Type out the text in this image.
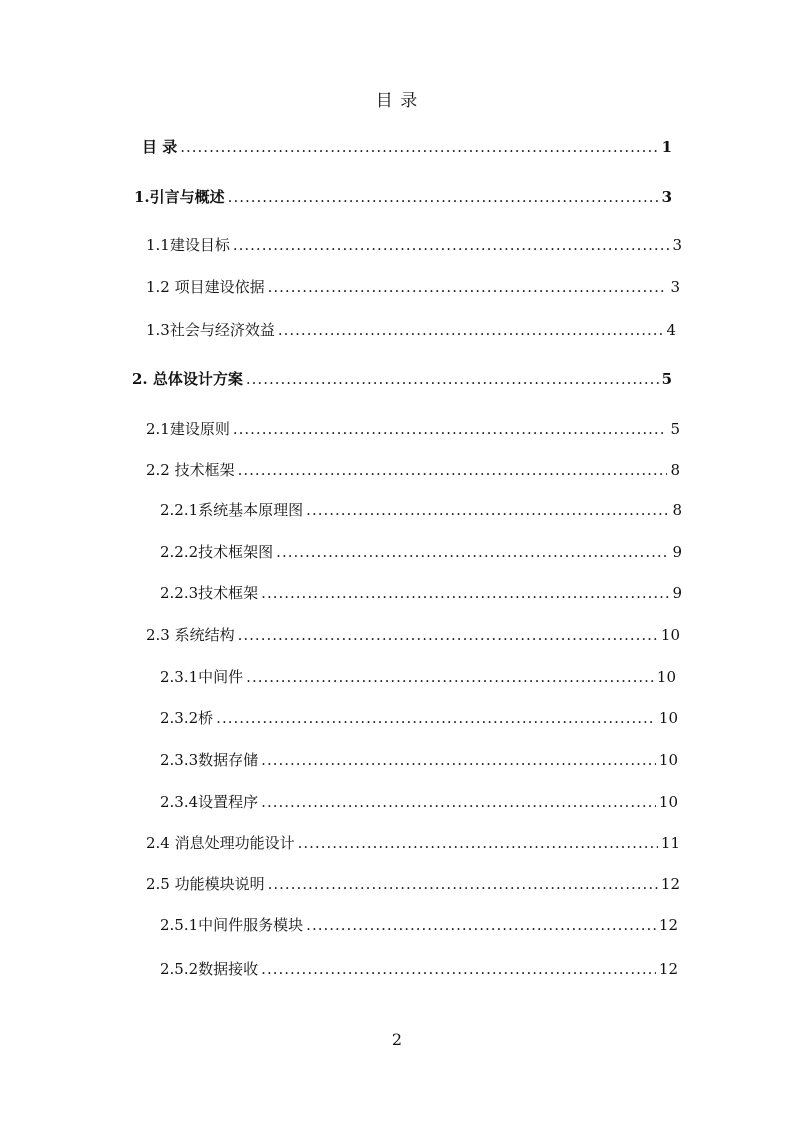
目 录
目 录 .....	1
1.引言与概述 .....	3
1.1建设目标 .....	3
1.2 项目建设依据 .....	3
1.3社会与经济效益 .....	4
2. 总体设计方案 .....	5
2.1建设原则 .....	5
2.2 技术框架 .....	8
2.2.1系统基本原理图 .....	8
2.2.2技术框架图 .....	9
2.2.3技术框架 .....	9
2.3 系统结构 .....	10
2.3.1中间件 .....	10
2.3.2桥 .....	10
2.3.3数据存储 .....	10
2.3.4设置程序 .....	10
2.4 消息处理功能设计 .....	11
2.5 功能模块说明 .....	12
2.5.1中间件服务模块 .....	12
2.5.2数据接收 .....	12
2
